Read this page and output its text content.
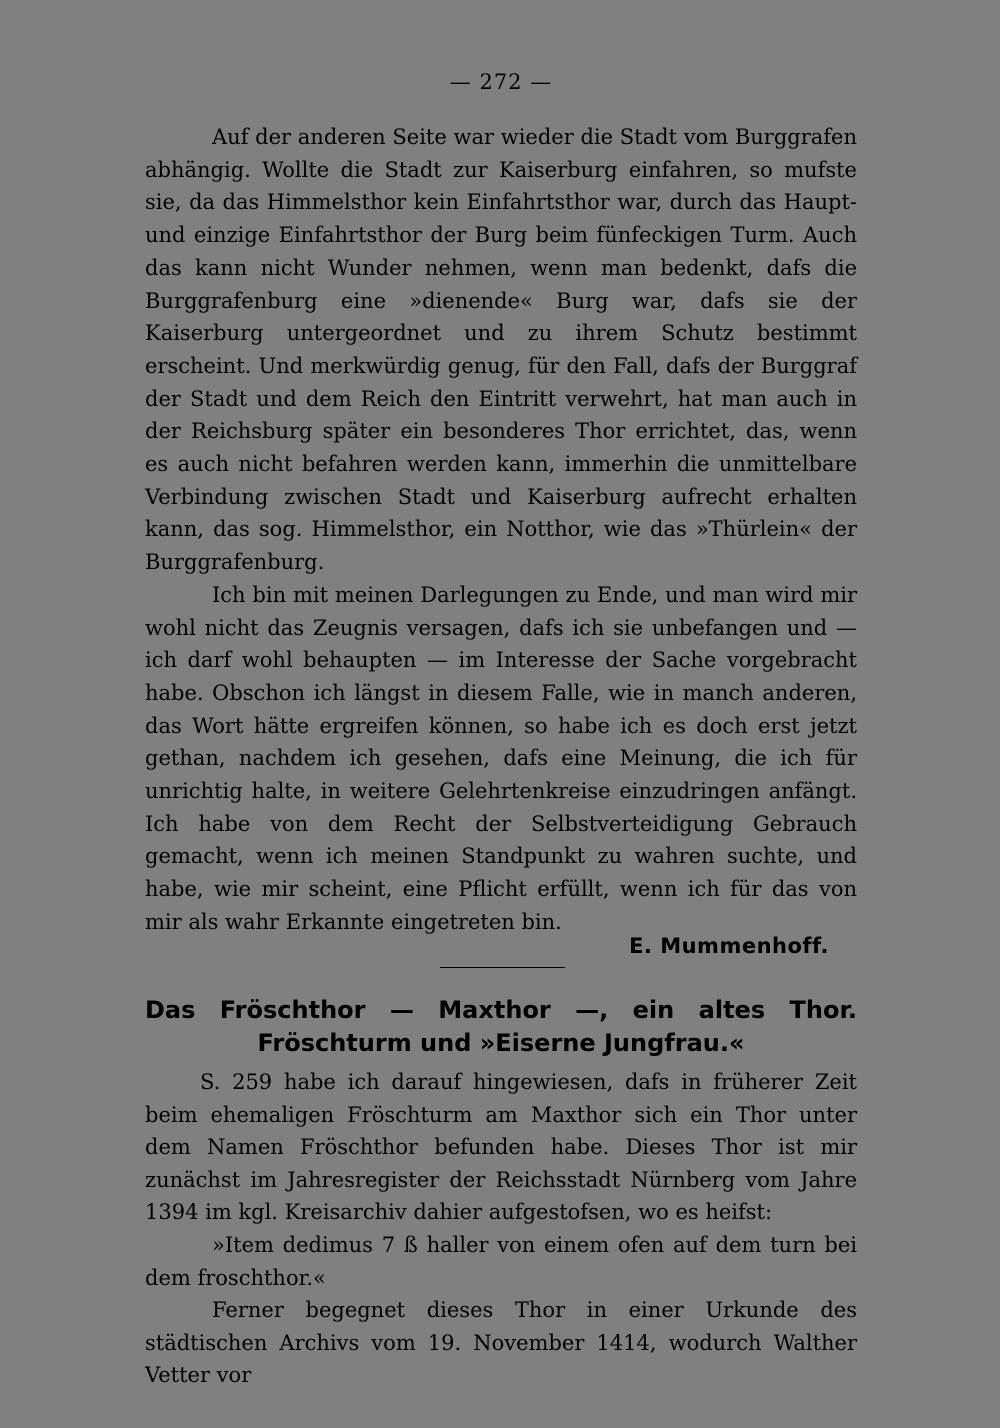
— 272 —

Auf der anderen Seite war wieder die Stadt vom Burggrafen abhängig. Wollte die Stadt zur Kaiserburg einfahren, so mufste sie, da das Himmelsthor kein Einfahrtsthor war, durch das Haupt- und einzige Einfahrtsthor der Burg beim fünfeckigen Turm. Auch das kann nicht Wunder nehmen, wenn man bedenkt, dafs die Burggrafenburg eine »dienende« Burg war, dafs sie der Kaiserburg untergeordnet und zu ihrem Schutz bestimmt erscheint. Und merkwürdig genug, für den Fall, dafs der Burggraf der Stadt und dem Reich den Eintritt verwehrt, hat man auch in der Reichsburg später ein besonderes Thor errichtet, das, wenn es auch nicht befahren werden kann, immerhin die unmittelbare Verbindung zwischen Stadt und Kaiserburg aufrecht erhalten kann, das sog. Himmelsthor, ein Notthor, wie das »Thürlein« der Burggrafenburg.

Ich bin mit meinen Darlegungen zu Ende, und man wird mir wohl nicht das Zeugnis versagen, dafs ich sie unbefangen und — ich darf wohl behaupten — im Interesse der Sache vorgebracht habe. Obschon ich längst in diesem Falle, wie in manch anderen, das Wort hätte ergreifen können, so habe ich es doch erst jetzt gethan, nachdem ich gesehen, dafs eine Meinung, die ich für unrichtig halte, in weitere Gelehrtenkreise einzudringen anfängt. Ich habe von dem Recht der Selbstverteidigung Gebrauch gemacht, wenn ich meinen Standpunkt zu wahren suchte, und habe, wie mir scheint, eine Pflicht erfüllt, wenn ich für das von mir als wahr Erkannte eingetreten bin.

E. Mummenhoff.
Das Fröschthor — Maxthor —, ein altes Thor.
Fröschturm und »Eiserne Jungfrau.«

S. 259 habe ich darauf hingewiesen, dafs in früherer Zeit beim ehemaligen Fröschturm am Maxthor sich ein Thor unter dem Namen Fröschthor befunden habe. Dieses Thor ist mir zunächst im Jahresregister der Reichsstadt Nürnberg vom Jahre 1394 im kgl. Kreisarchiv dahier aufgestofsen, wo es heifst:

»Item dedimus 7 ß haller von einem ofen auf dem turn bei dem froschthor.«

Ferner begegnet dieses Thor in einer Urkunde des städtischen Archivs vom 19. November 1414, wodurch Walther Vetter vor
